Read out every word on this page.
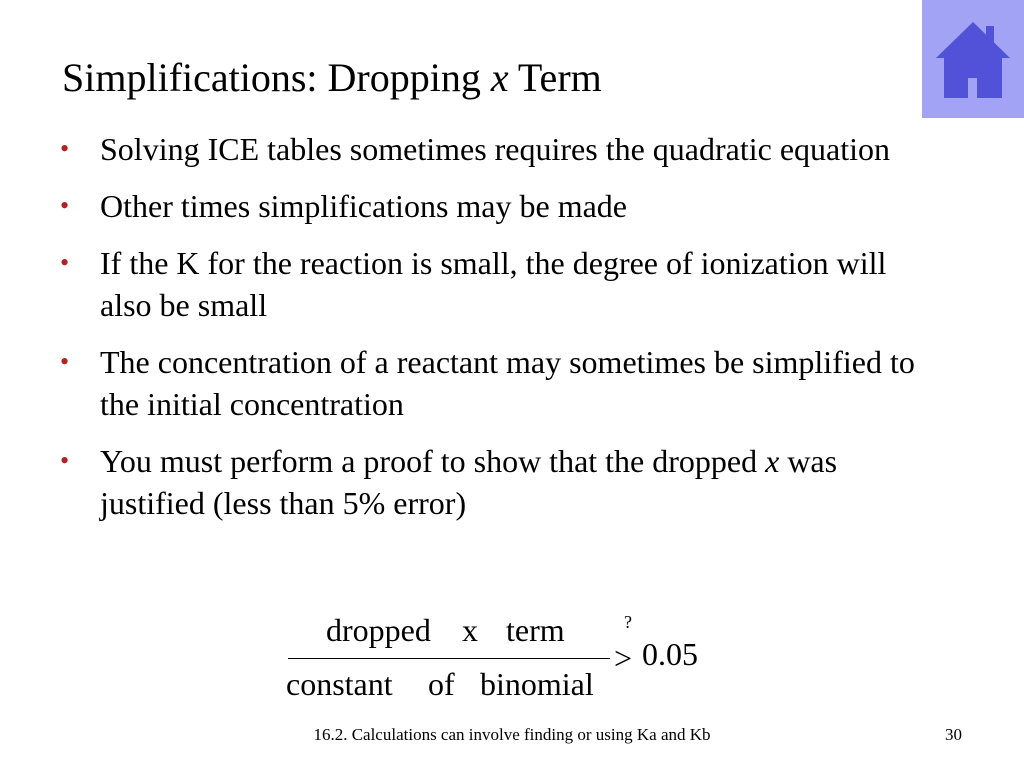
Simplifications: Dropping x Term
• Solving ICE tables sometimes requires the quadratic equation
• Other times simplifications may be made
• If the K for the reaction is small, the degree of ionization will also be small
• The concentration of a reactant may sometimes be simplified to the initial concentration
• You must perform a proof to show that the dropped x was justified (less than 5% error)
dropped x term
constant of binomial
?
> 0.05
16.2. Calculations can involve finding or using Ka and Kb	30
